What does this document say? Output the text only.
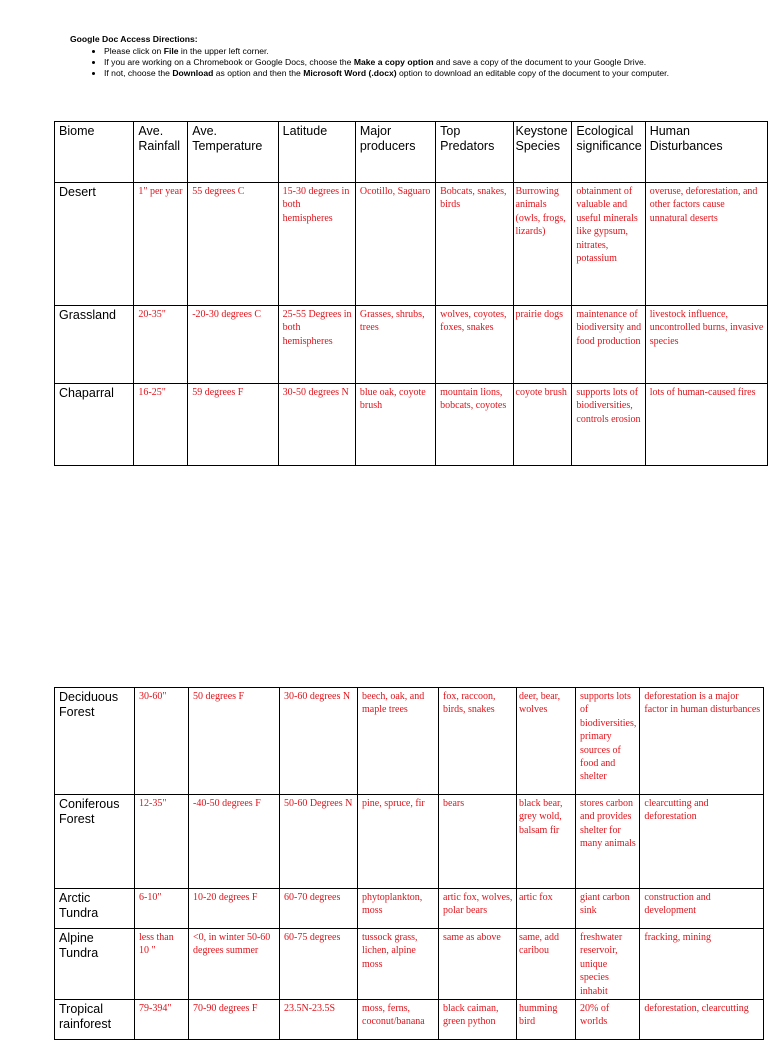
Google Doc Access Directions:
• Please click on File in the upper left corner.
• If you are working on a Chromebook or Google Docs, choose the Make a copy option and save a copy of the document to your Google Drive.
• If not, choose the Download as option and then the Microsoft Word (.docx) option to download an editable copy of the document to your computer.
Biome	Ave. Rainfall	Ave. Temperature	Latitude	Major producers	Top Predators	Keystone Species	Ecological significance	Human Disturbances
Desert	1" per year	55 degrees C	15-30 degrees in both hemispheres	Ocotillo, Saguaro	Bobcats, snakes, birds	Burrowing animals (owls, frogs, lizards)	obtainment of valuable and useful minerals like gypsum, nitrates, potassium	overuse, deforestation, and other factors cause unnatural deserts
Grassland	20-35"	-20-30 degrees C	25-55 Degrees in both hemispheres	Grasses, shrubs, trees	wolves, coyotes, foxes, snakes	prairie dogs	maintenance of biodiversity and food production	livestock influence, uncontrolled burns, invasive species
Chaparral	16-25"	59 degrees F	30-50 degrees N	blue oak, coyote brush	mountain lions, bobcats, coyotes	coyote brush	supports lots of biodiversities, controls erosion	lots of human-caused fires
Deciduous Forest	30-60"	50 degrees F	30-60 degrees N	beech, oak, and maple trees	fox, raccoon, birds, snakes	deer, bear, wolves	supports lots of biodiversities, primary sources of food and shelter	deforestation is a major factor in human disturbances
Coniferous Forest	12-35"	-40-50 degrees F	50-60 Degrees N	pine, spruce, fir	bears	black bear, grey wold, balsam fir	stores carbon and provides shelter for many animals	clearcutting and deforestation
Arctic Tundra	6-10"	10-20 degrees F	60-70 degrees	phytoplankton, moss	artic fox, wolves, polar bears	artic fox	giant carbon sink	construction and development
Alpine Tundra	less than 10 "	<0, in winter 50-60 degrees summer	60-75 degrees	tussock grass, lichen, alpine moss	same as above	same, add caribou	freshwater reservoir, unique species inhabit	fracking, mining
Tropical rainforest	79-394"	70-90 degrees F	23.5N-23.5S	moss, ferns, coconut/banana	black caiman, green python	humming bird	20% of worlds	deforestation, clearcutting
